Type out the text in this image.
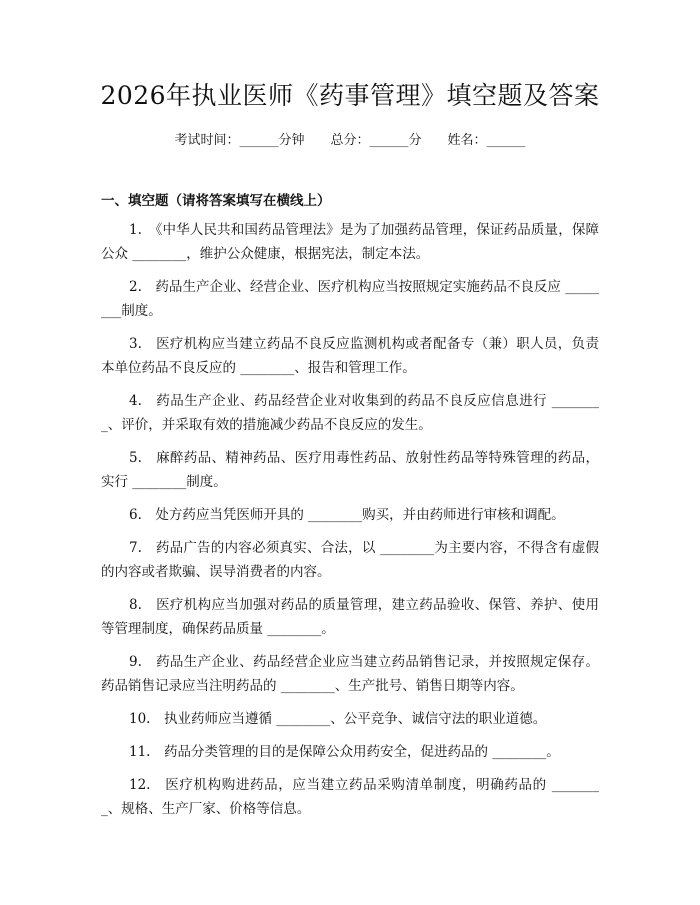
2026年执业医师《药事管理》填空题及答案
考试时间：______分钟 总分：______分 姓名：______
一、填空题（请将答案填写在横线上）

1.　《中华人民共和国药品管理法》是为了加强药品管理，保证药品质量，保障公众 ________，维护公众健康，根据宪法，制定本法。

2.　药品生产企业、经营企业、医疗机构应当按照规定实施药品不良反应 ________制度。

3.　医疗机构应当建立药品不良反应监测机构或者配备专（兼）职人员，负责本单位药品不良反应的 ________、报告和管理工作。

4.　药品生产企业、药品经营企业对收集到的药品不良反应信息进行 ________、评价，并采取有效的措施减少药品不良反应的发生。

5.　麻醉药品、精神药品、医疗用毒性药品、放射性药品等特殊管理的药品，实行 ________制度。

6.　处方药应当凭医师开具的 ________购买，并由药师进行审核和调配。

7.　药品广告的内容必须真实、合法，以 ________为主要内容，不得含有虚假的内容或者欺骗、误导消费者的内容。

8.　医疗机构应当加强对药品的质量管理，建立药品验收、保管、养护、使用等管理制度，确保药品质量 ________。

9.　药品生产企业、药品经营企业应当建立药品销售记录，并按照规定保存。药品销售记录应当注明药品的 ________、生产批号、销售日期等内容。

10.　执业药师应当遵循 ________、公平竞争、诚信守法的职业道德。

11.　药品分类管理的目的是保障公众用药安全，促进药品的 ________。

12.　医疗机构购进药品，应当建立药品采购清单制度，明确药品的 ________、规格、生产厂家、价格等信息。
